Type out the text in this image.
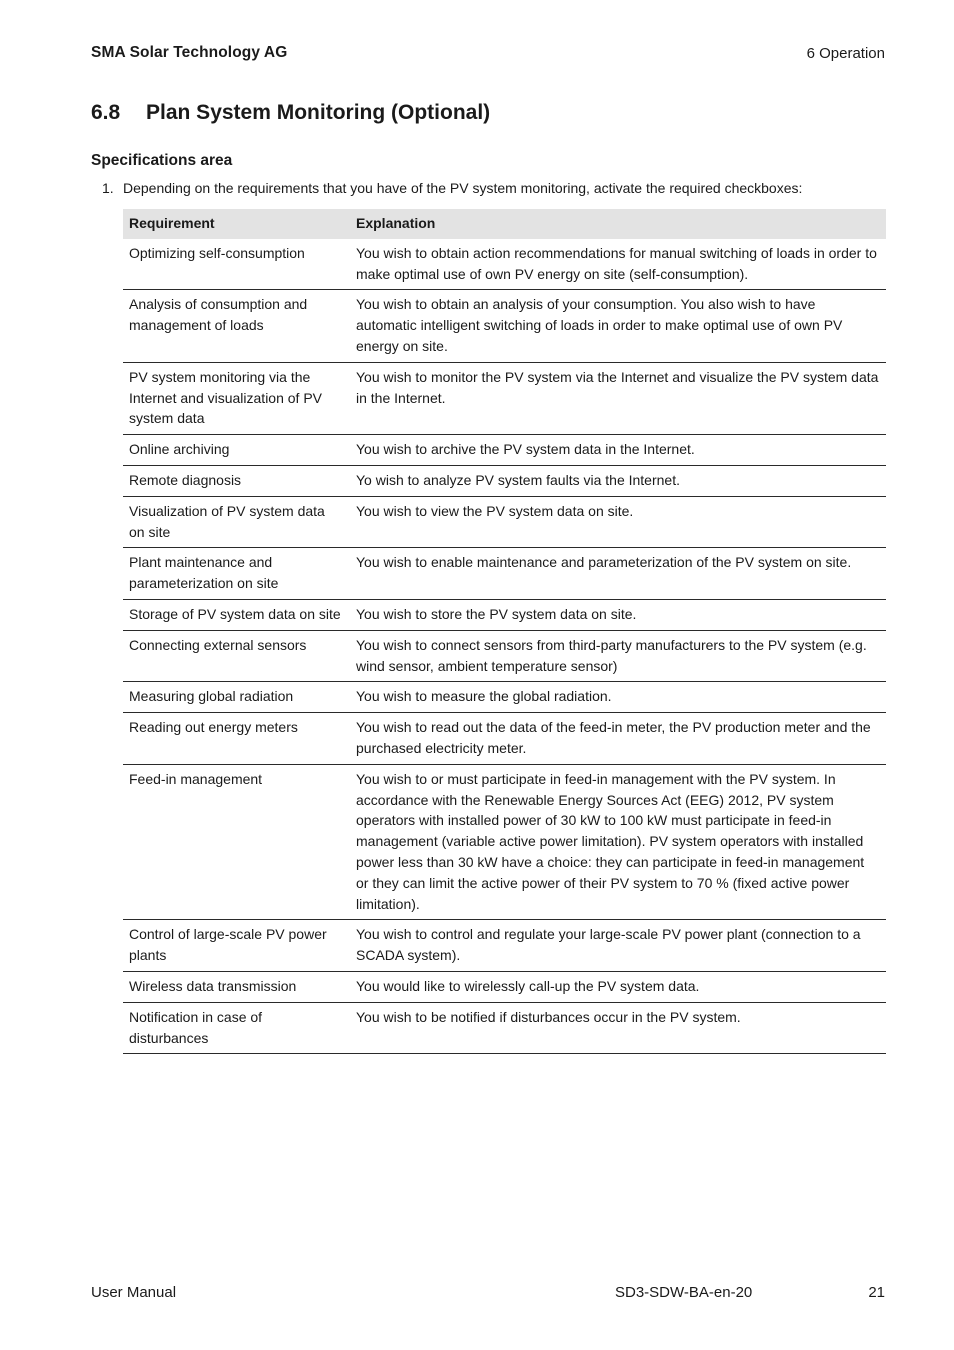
SMA Solar Technology AG	6 Operation
6.8 Plan System Monitoring (Optional)
Specifications area
1. Depending on the requirements that you have of the PV system monitoring, activate the required checkboxes:
Requirement	Explanation
Optimizing self-consumption	You wish to obtain action recommendations for manual switching of loads in order to make optimal use of own PV energy on site (self-consumption).
Analysis of consumption and management of loads	You wish to obtain an analysis of your consumption. You also wish to have automatic intelligent switching of loads in order to make optimal use of own PV energy on site.
PV system monitoring via the Internet and visualization of PV system data	You wish to monitor the PV system via the Internet and visualize the PV system data in the Internet.
Online archiving	You wish to archive the PV system data in the Internet.
Remote diagnosis	Yo wish to analyze PV system faults via the Internet.
Visualization of PV system data on site	You wish to view the PV system data on site.
Plant maintenance and parameterization on site	You wish to enable maintenance and parameterization of the PV system on site.
Storage of PV system data on site	You wish to store the PV system data on site.
Connecting external sensors	You wish to connect sensors from third-party manufacturers to the PV system (e.g. wind sensor, ambient temperature sensor)
Measuring global radiation	You wish to measure the global radiation.
Reading out energy meters	You wish to read out the data of the feed-in meter, the PV production meter and the purchased electricity meter.
Feed-in management	You wish to or must participate in feed-in management with the PV system. In accordance with the Renewable Energy Sources Act (EEG) 2012, PV system operators with installed power of 30 kW to 100 kW must participate in feed-in management (variable active power limitation). PV system operators with installed power less than 30 kW have a choice: they can participate in feed-in management or they can limit the active power of their PV system to 70 % (fixed active power limitation).
Control of large-scale PV power plants	You wish to control and regulate your large-scale PV power plant (connection to a SCADA system).
Wireless data transmission	You would like to wirelessly call-up the PV system data.
Notification in case of disturbances	You wish to be notified if disturbances occur in the PV system.
User Manual	SD3-SDW-BA-en-20	21
